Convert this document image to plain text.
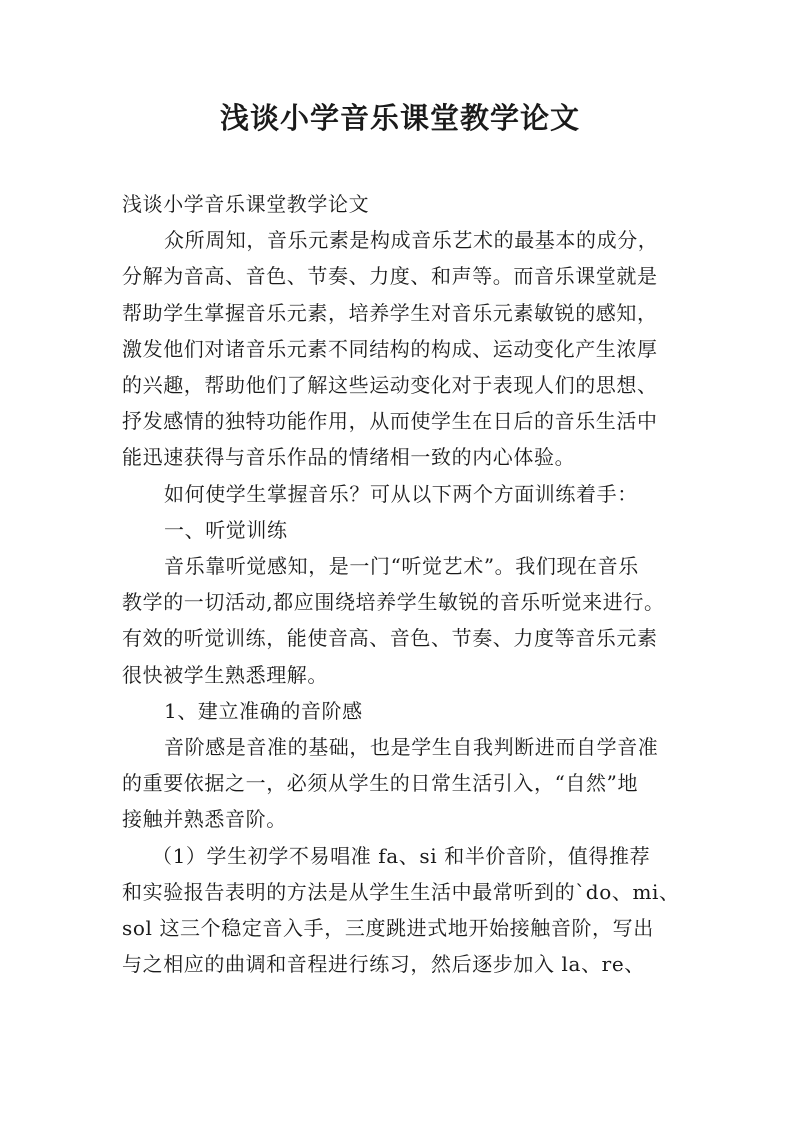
浅谈小学音乐课堂教学论文

浅谈小学音乐课堂教学论文

众所周知，音乐元素是构成音乐艺术的最基本的成分，

分解为音高、音色、节奏、力度、和声等。而音乐课堂就是

帮助学生掌握音乐元素，培养学生对音乐元素敏锐的感知，

激发他们对诸音乐元素不同结构的构成、运动变化产生浓厚

的兴趣，帮助他们了解这些运动变化对于表现人们的思想、

抒发感情的独特功能作用，从而使学生在日后的音乐生活中

能迅速获得与音乐作品的情绪相一致的内心体验。

如何使学生掌握音乐？可从以下两个方面训练着手：

一、听觉训练

音乐靠听觉感知，是一门“听觉艺术”。我们现在音乐

教学的一切活动,都应围绕培养学生敏锐的音乐听觉来进行。

有效的听觉训练，能使音高、音色、节奏、力度等音乐元素

很快被学生熟悉理解。

1、建立准确的音阶感

音阶感是音准的基础，也是学生自我判断进而自学音准

的重要依据之一，必须从学生的日常生活引入，“自然”地

接触并熟悉音阶。

（1）学生初学不易唱准 fa、si 和半价音阶，值得推荐

和实验报告表明的方法是从学生生活中最常听到的`do、mi、

sol 这三个稳定音入手，三度跳进式地开始接触音阶，写出

与之相应的曲调和音程进行练习，然后逐步加入 la、re、
